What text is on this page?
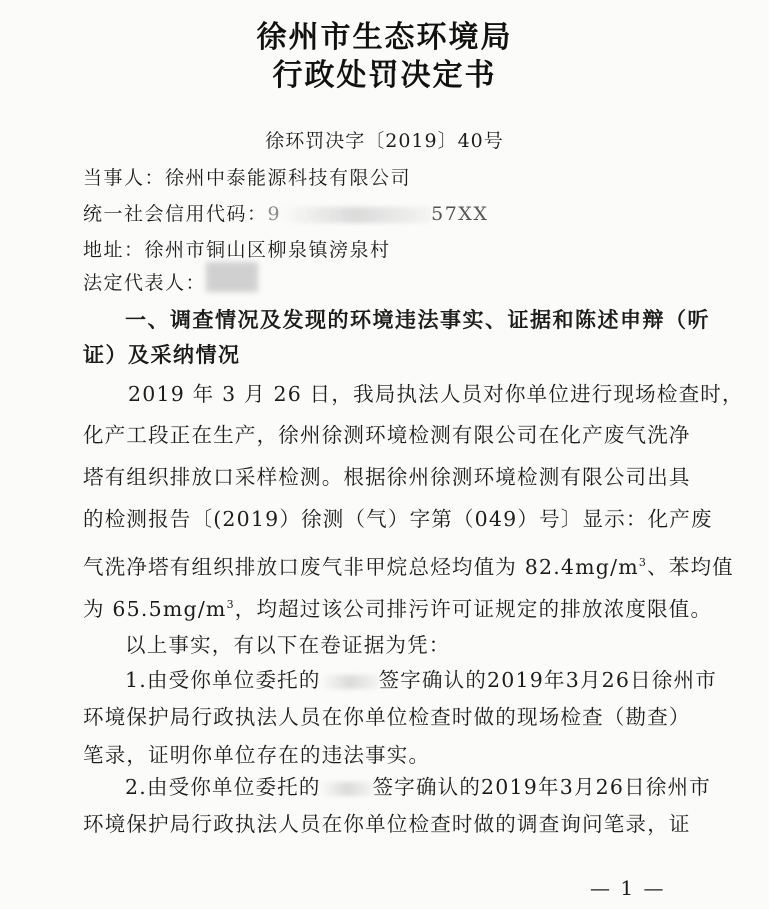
徐州市生态环境局
行政处罚决定书
徐环罚决字〔2019〕40号
当事人：徐州中泰能源科技有限公司
统一社会信用代码：9	57XX
地址：徐州市铜山区柳泉镇滂泉村
法定代表人：
一、调查情况及发现的环境违法事实、证据和陈述申辩（听
证）及采纳情况
2019 年 3 月 26 日，我局执法人员对你单位进行现场检查时，
化产工段正在生产，徐州徐测环境检测有限公司在化产废气洗净
塔有组织排放口采样检测。根据徐州徐测环境检测有限公司出具
的检测报告〔(2019）徐测（气）字第（049）号〕显示：化产废
气洗净塔有组织排放口废气非甲烷总烃均值为 $82.4mg/m^3$、苯均值
为 $65.5mg/m^3$，均超过该公司排污许可证规定的排放浓度限值。
以上事实，有以下在卷证据为凭：
1.由受你单位委托的	签字确认的2019年3月26日徐州市
环境保护局行政执法人员在你单位检查时做的现场检查（勘查）
笔录，证明你单位存在的违法事实。
2.由受你单位委托的	签字确认的2019年3月26日徐州市
环境保护局行政执法人员在你单位检查时做的调查询问笔录，证
— 1 —
